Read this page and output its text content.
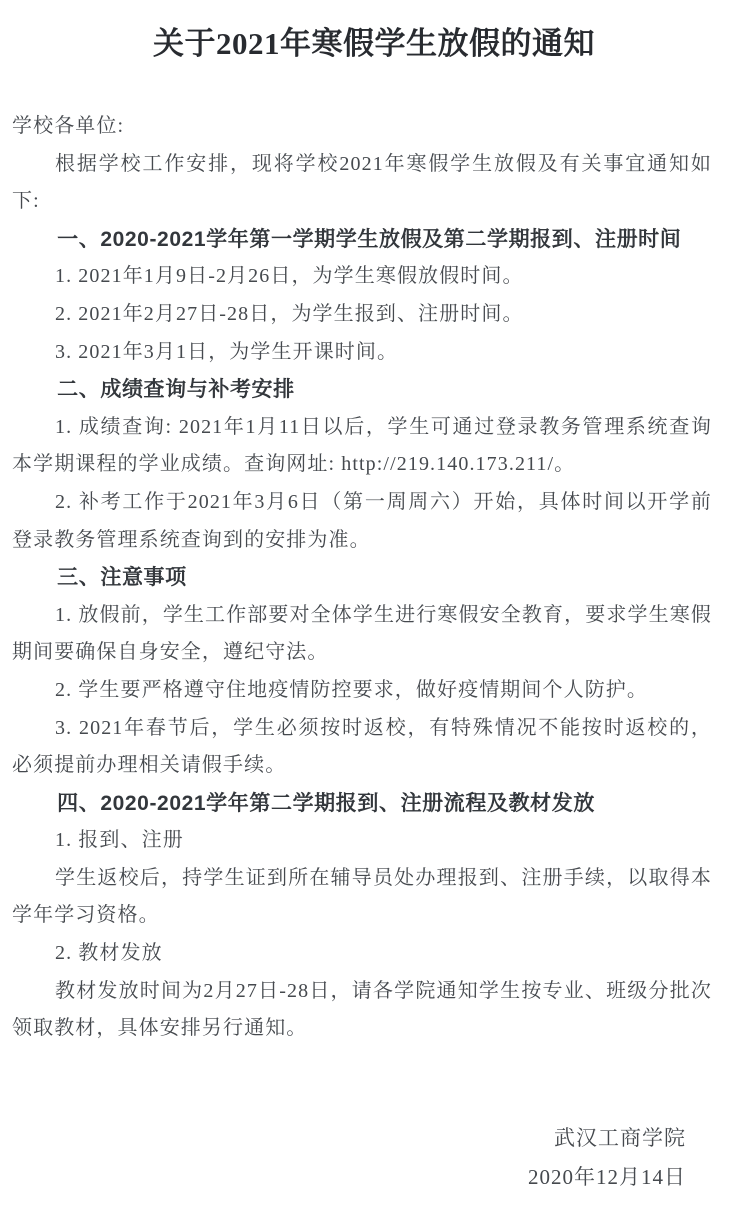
关于2021年寒假学生放假的通知

学校各单位:

根据学校工作安排，现将学校2021年寒假学生放假及有关事宜通知如下:

一、2020-2021学年第一学期学生放假及第二学期报到、注册时间

1. 2021年1月9日-2月26日，为学生寒假放假时间。

2. 2021年2月27日-28日，为学生报到、注册时间。

3. 2021年3月1日，为学生开课时间。

二、成绩查询与补考安排

1. 成绩查询: 2021年1月11日以后，学生可通过登录教务管理系统查询本学期课程的学业成绩。查询网址: http://219.140.173.211/。

2. 补考工作于2021年3月6日（第一周周六）开始，具体时间以开学前登录教务管理系统查询到的安排为准。

三、注意事项

1. 放假前，学生工作部要对全体学生进行寒假安全教育，要求学生寒假期间要确保自身安全，遵纪守法。

2. 学生要严格遵守住地疫情防控要求，做好疫情期间个人防护。

3. 2021年春节后，学生必须按时返校，有特殊情况不能按时返校的，必须提前办理相关请假手续。

四、2020-2021学年第二学期报到、注册流程及教材发放

1. 报到、注册

学生返校后，持学生证到所在辅导员处办理报到、注册手续，以取得本学年学习资格。

2. 教材发放

教材发放时间为2月27日-28日，请各学院通知学生按专业、班级分批次领取教材，具体安排另行通知。

武汉工商学院

2020年12月14日
